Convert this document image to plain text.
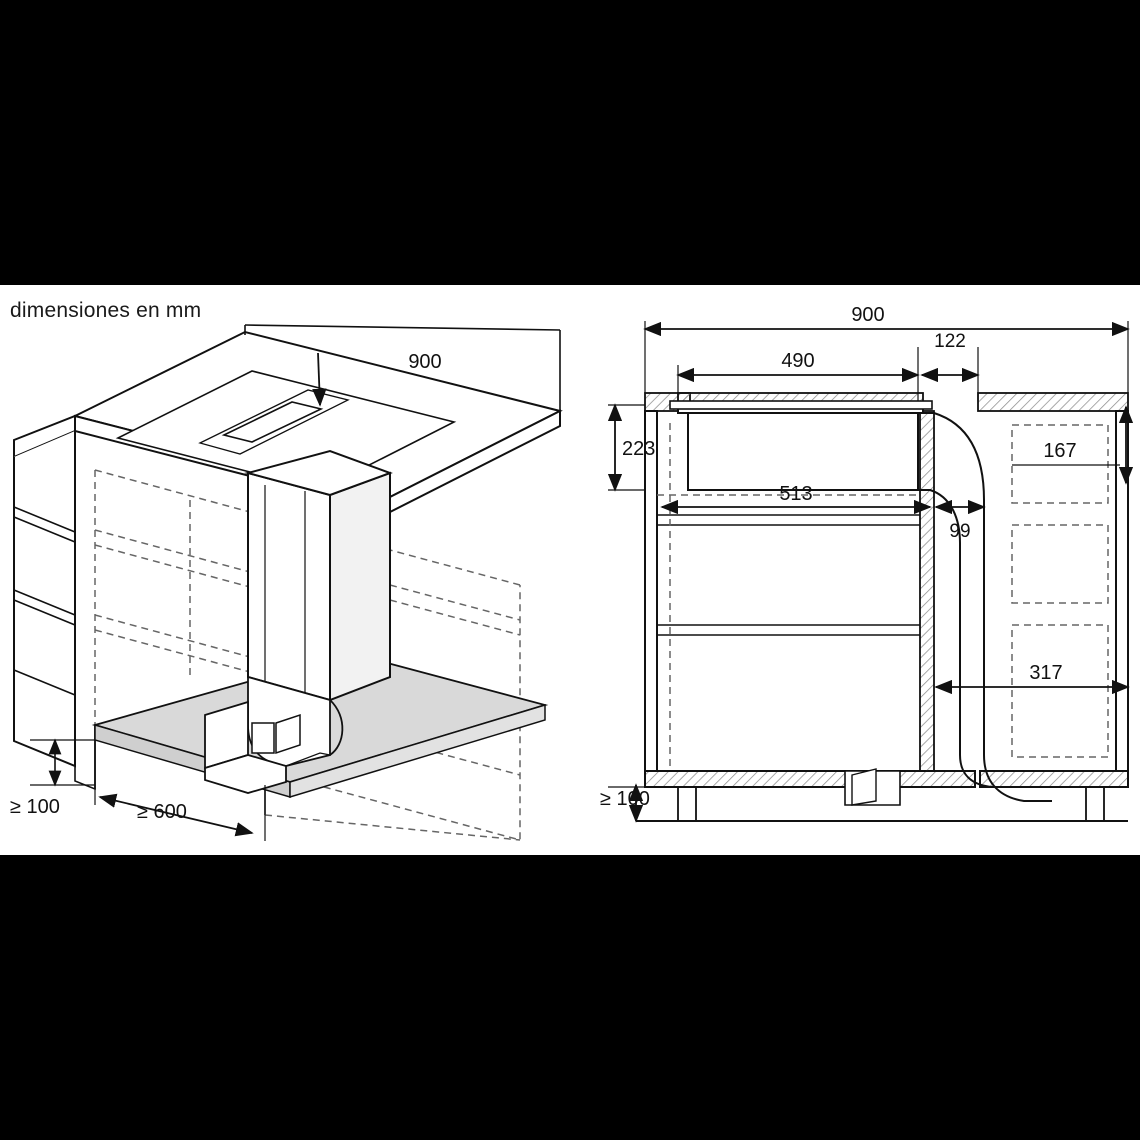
dimensiones en mm
900
≥ 100	≥ 600
900
490
122
223	167
513
99
317
≥ 100
